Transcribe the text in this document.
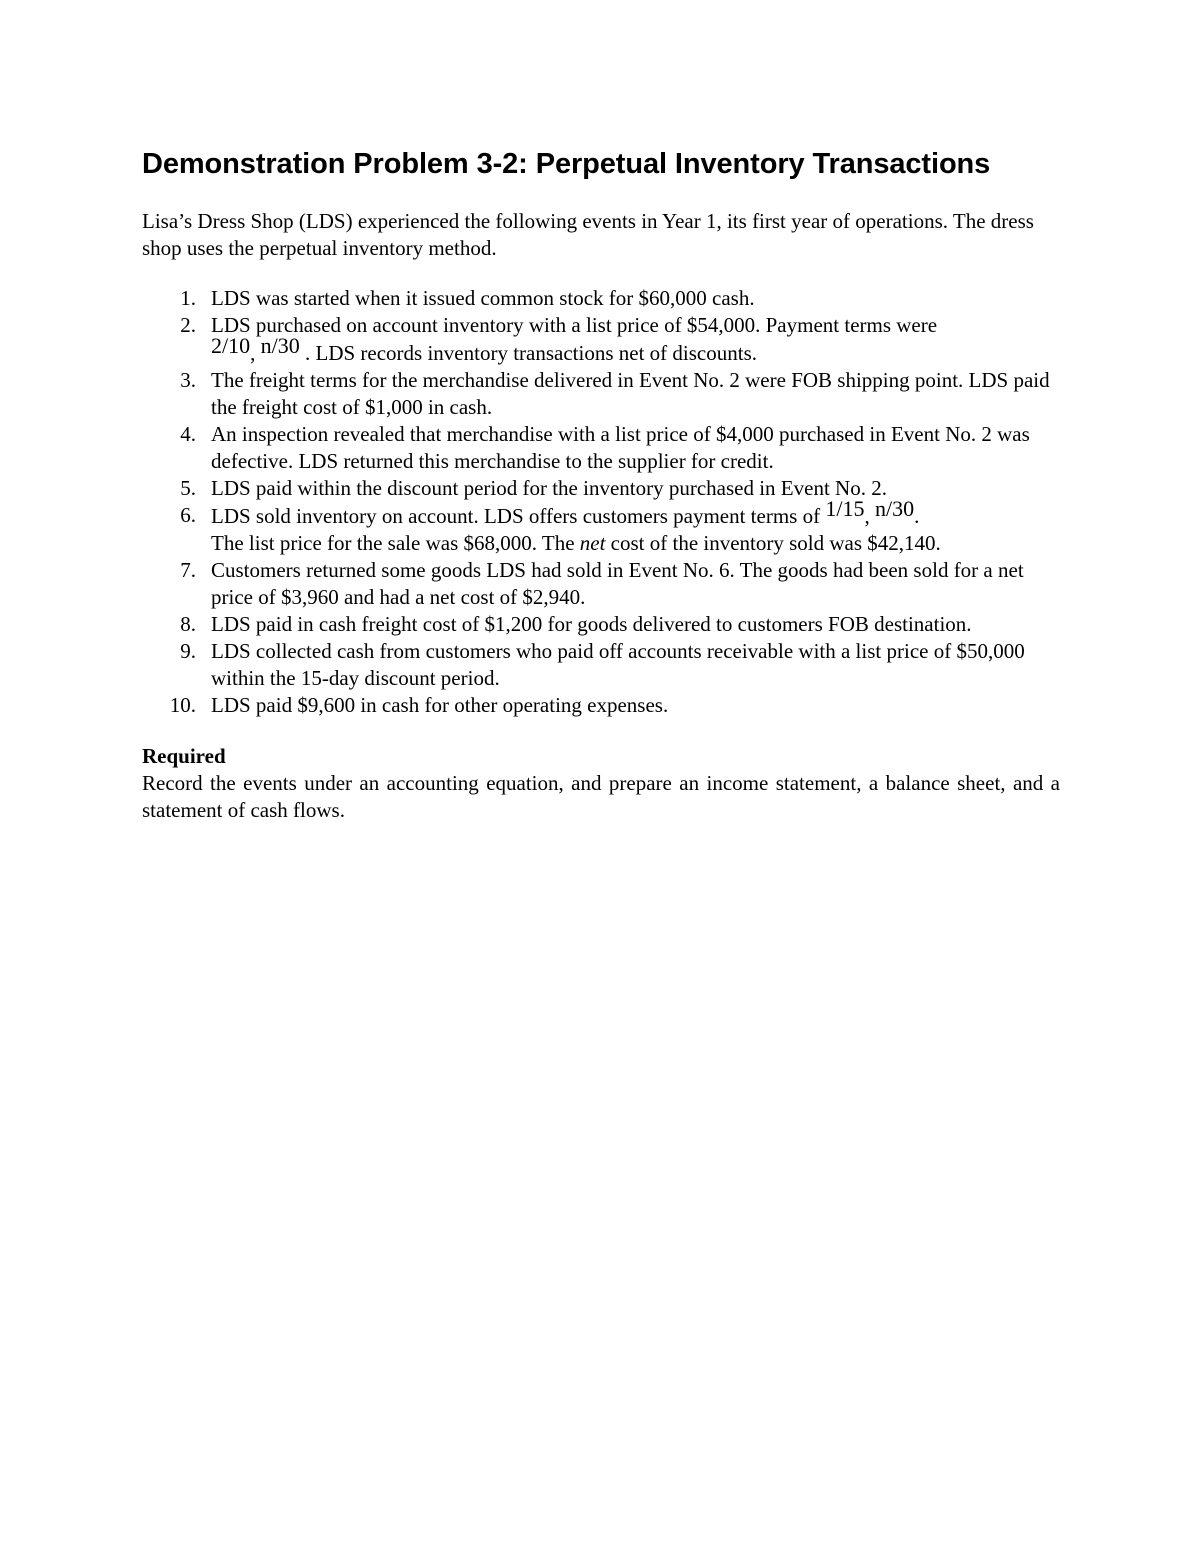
Demonstration Problem 3-2: Perpetual Inventory Transactions

Lisa’s Dress Shop (LDS) experienced the following events in Year 1, its first year of operations. The dress shop uses the perpetual inventory method.

1. LDS was started when it issued common stock for $60,000 cash.
2. LDS purchased on account inventory with a list price of $54,000. Payment terms were
2/10, n/30 . LDS records inventory transactions net of discounts.
3. The freight terms for the merchandise delivered in Event No. 2 were FOB shipping point. LDS paid the freight cost of $1,000 in cash.
4. An inspection revealed that merchandise with a list price of $4,000 purchased in Event No. 2 was defective. LDS returned this merchandise to the supplier for credit.
5. LDS paid within the discount period for the inventory purchased in Event No. 2.
6. LDS sold inventory on account. LDS offers customers payment terms of 1/15, n/30.
The list price for the sale was $68,000. The net cost of the inventory sold was $42,140.
7. Customers returned some goods LDS had sold in Event No. 6. The goods had been sold for a net price of $3,960 and had a net cost of $2,940.
8. LDS paid in cash freight cost of $1,200 for goods delivered to customers FOB destination.
9. LDS collected cash from customers who paid off accounts receivable with a list price of $50,000 within the 15-day discount period.
10. LDS paid $9,600 in cash for other operating expenses.

Required

Record the events under an accounting equation, and prepare an income statement, a balance sheet, and a statement of cash flows.
